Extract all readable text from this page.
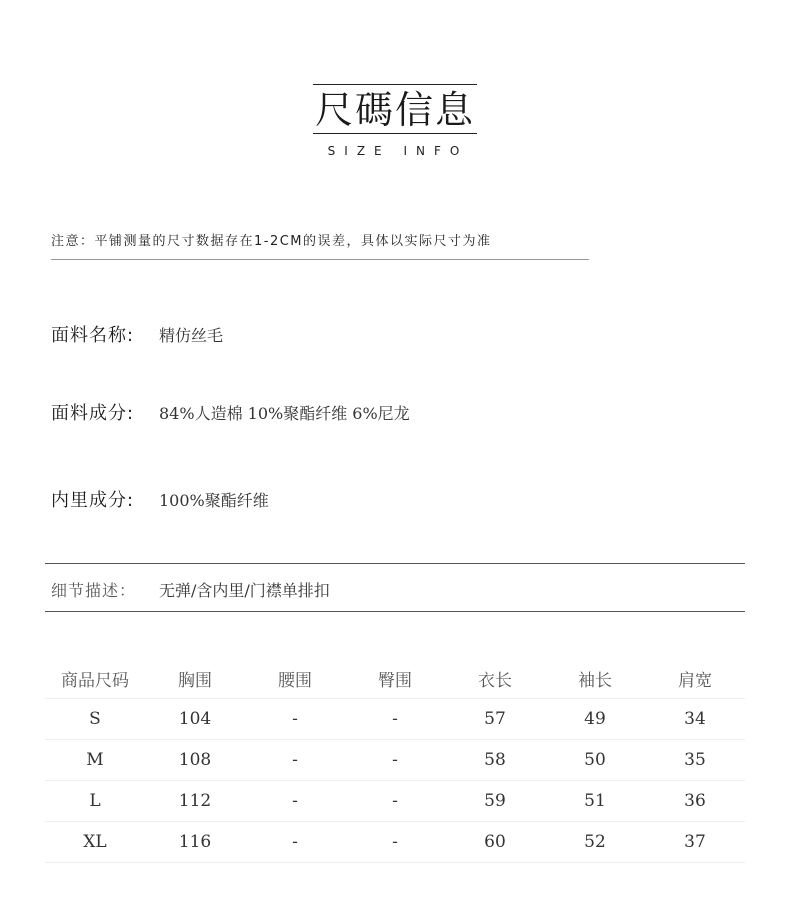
尺碼信息
SIZE INFO
注意：平铺测量的尺寸数据存在1-2CM的误差，具体以实际尺寸为准
面料名称:	精仿丝毛
面料成分:	84%人造棉 10%聚酯纤维 6%尼龙
内里成分:	100%聚酯纤维
细节描述：	无弹/含内里/门襟单排扣
商品尺码	胸围	腰围	臀围	衣长	袖长	肩宽
S	104	-	-	57	49	34
M	108	-	-	58	50	35
L	112	-	-	59	51	36
XL	116	-	-	60	52	37
